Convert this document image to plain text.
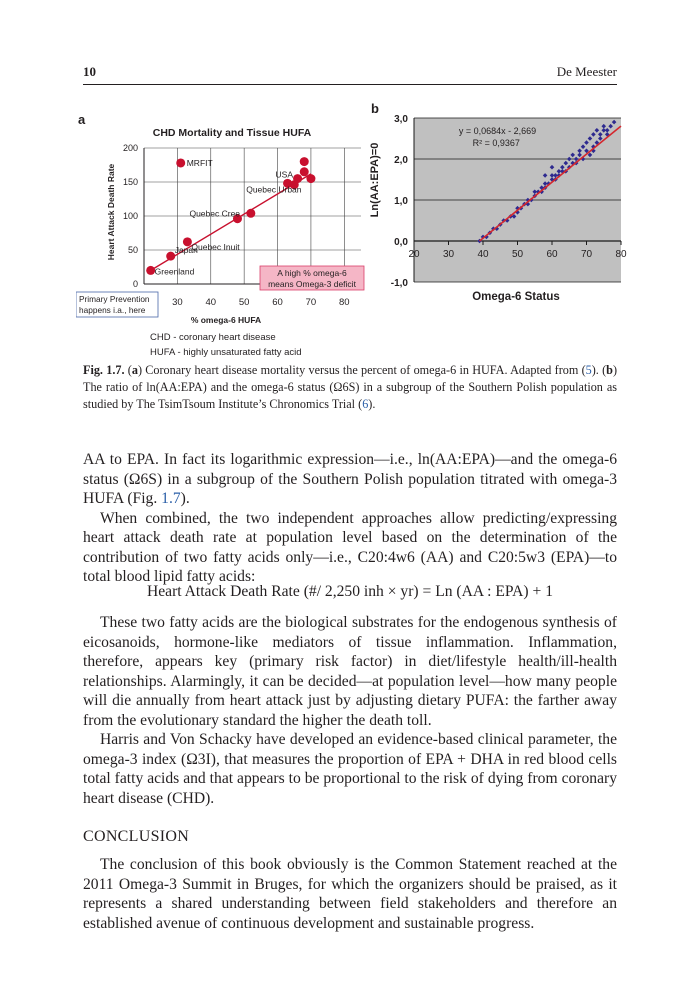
10	De Meester
a
CHD Mortality and Tissue HUFA
Heart Attack Death Rate
200
150
100
50
0
30 40 50 60 70 80
Greenland
Japan
Quebec Inuit
Quebec Cree
MRFIT
Quebec Urban
USA
A high % omega-6
means Omega-3 deficit
Primary Prevention
happens i.a., here
% omega-6 HUFA
CHD - coronary heart disease
HUFA - highly unsaturated fatty acid
b
3,0
2,0
1,0
0,0
-1,0
20 30 40 50 60 70 80
y = 0,0684x - 2,669
R² = 0,9367
Ln(AA:EPA)=0
Omega-6 Status
Fig. 1.7. (a) Coronary heart disease mortality versus the percent of omega-6 in HUFA. Adapted from (5). (b) The ratio of ln(AA:EPA) and the omega-6 status (Ω6S) in a subgroup of the Southern Polish population as studied by The TsimTsoum Institute’s Chronomics Trial (6).

AA to EPA. In fact its logarithmic expression—i.e., ln(AA:EPA)—and the omega-6 status (Ω6S) in a subgroup of the Southern Polish population titrated with omega-3 HUFA (Fig. 1.7).

When combined, the two independent approaches allow predicting/expressing heart attack death rate at population level based on the determination of the contribution of two fatty acids only—i.e., C20:4w6 (AA) and C20:5w3 (EPA)—to total blood lipid fatty acids:

Heart Attack Death Rate (#/ 2,250 inh × yr) = Ln (AA : EPA) + 1

These two fatty acids are the biological substrates for the endogenous synthesis of eicosanoids, hormone-like mediators of tissue inflammation. Inflammation, therefore, appears key (primary risk factor) in diet/lifestyle health/ill-health relationships. Alarmingly, it can be decided—at population level—how many people will die annually from heart attack just by adjusting dietary PUFA: the farther away from the evolutionary standard the higher the death toll.

Harris and Von Schacky have developed an evidence-based clinical parameter, the omega-3 index (Ω3I), that measures the proportion of EPA + DHA in red blood cells total fatty acids and that appears to be proportional to the risk of dying from coronary heart disease (CHD).

CONCLUSION

The conclusion of this book obviously is the Common Statement reached at the 2011 Omega-3 Summit in Bruges, for which the organizers should be praised, as it represents a shared understanding between field stakeholders and therefore an established avenue of continuous development and sustainable progress.
